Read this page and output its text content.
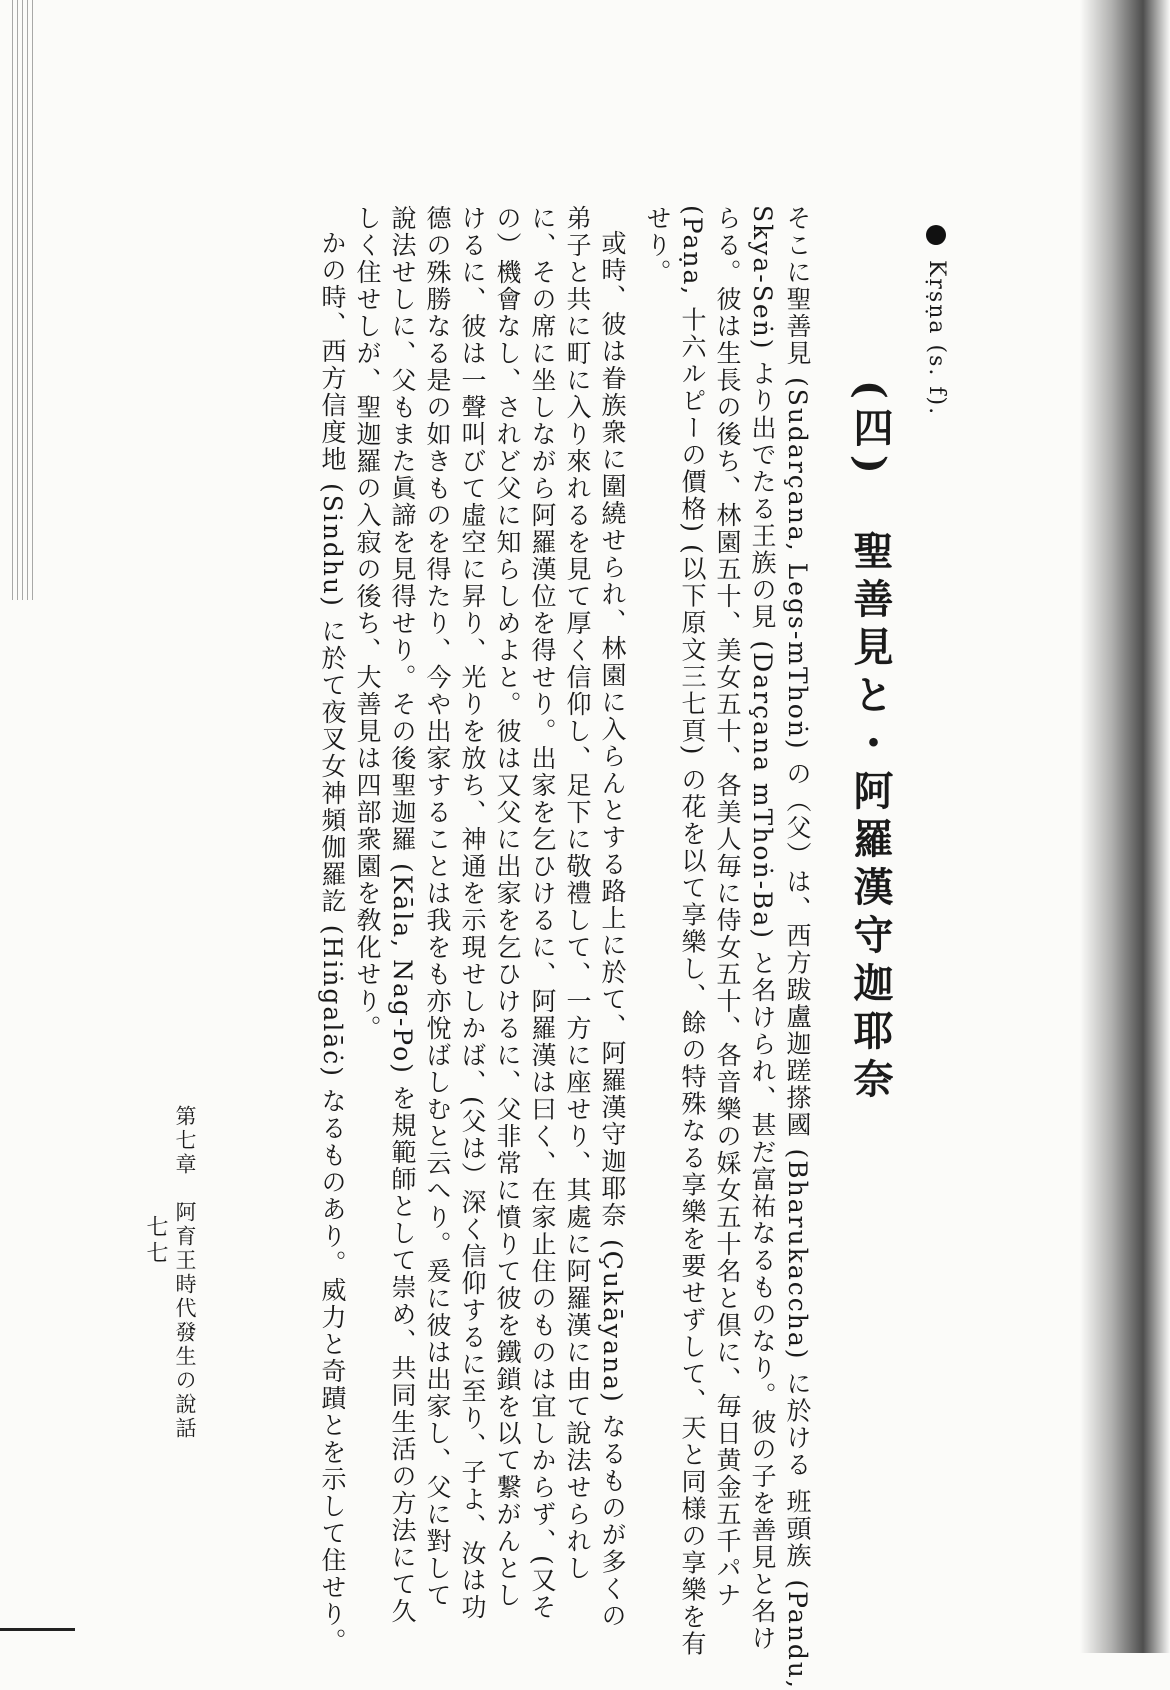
Kṛṣṇa (s. f).
(四)　聖善見と・阿羅漢守迦耶奈
そこに聖善見 (Sudarçana, Legs-mThoṅ) の（父）は、西方跋盧迦蹉搽國 (Bharukaccha) に於ける 班頭族 (Pandu,
Skya-Seṅ) より出でたる王族の見 (Darçana mThoṅ-Ba) と名けられ、甚だ富祐なるものなり。彼の子を善見と名け
らる。彼は生長の後ち、林園五十、美女五十、各美人毎に侍女五十、各音樂の婇女五十名と倶に、毎日黄金五千パナ
(Paṇa, 十六ルピーの價格) (以下原文三七頁) の花を以て享樂し、餘の特殊なる享樂を要せずして、天と同様の享樂を有
せり。
或時、彼は眷族衆に圍繞せられ、林園に入らんとする路上に於て、阿羅漢守迦耶奈 (Çukāyana) なるものが多くの
弟子と共に町に入り來れるを見て厚く信仰し、足下に敬禮して、一方に座せり、其處に阿羅漢に由て說法せられし
に、その席に坐しながら阿羅漢位を得せり。出家を乞ひけるに、阿羅漢は曰く、在家止住のものは宜しからず、(又そ
の）機會なし、されど父に知らしめよと。彼は又父に出家を乞ひけるに、父非常に憤りて彼を鐵鎖を以て繋がんとし
けるに、彼は一聲叫びて虛空に昇り、光りを放ち、神通を示現せしかば、(父は）深く信仰するに至り、子よ、汝は功
德の殊勝なる是の如きものを得たり、今や出家することは我をも亦悅ばしむと云へり。爰に彼は出家し、父に對して
說法せしに、父もまた眞諦を見得せり。その後聖迦羅 (Kāla, Nag-Po) を規範師として崇め、共同生活の方法にて久
しく住せしが、聖迦羅の入寂の後ち、大善見は四部衆園を敎化せり。
かの時、西方信度地 (Sindhu) に於て夜叉女神頻伽羅訖 (Hiṅgalāċ) なるものあり。威力と奇蹟とを示して住せり。
第七章　阿育王時代發生の說話
七七
